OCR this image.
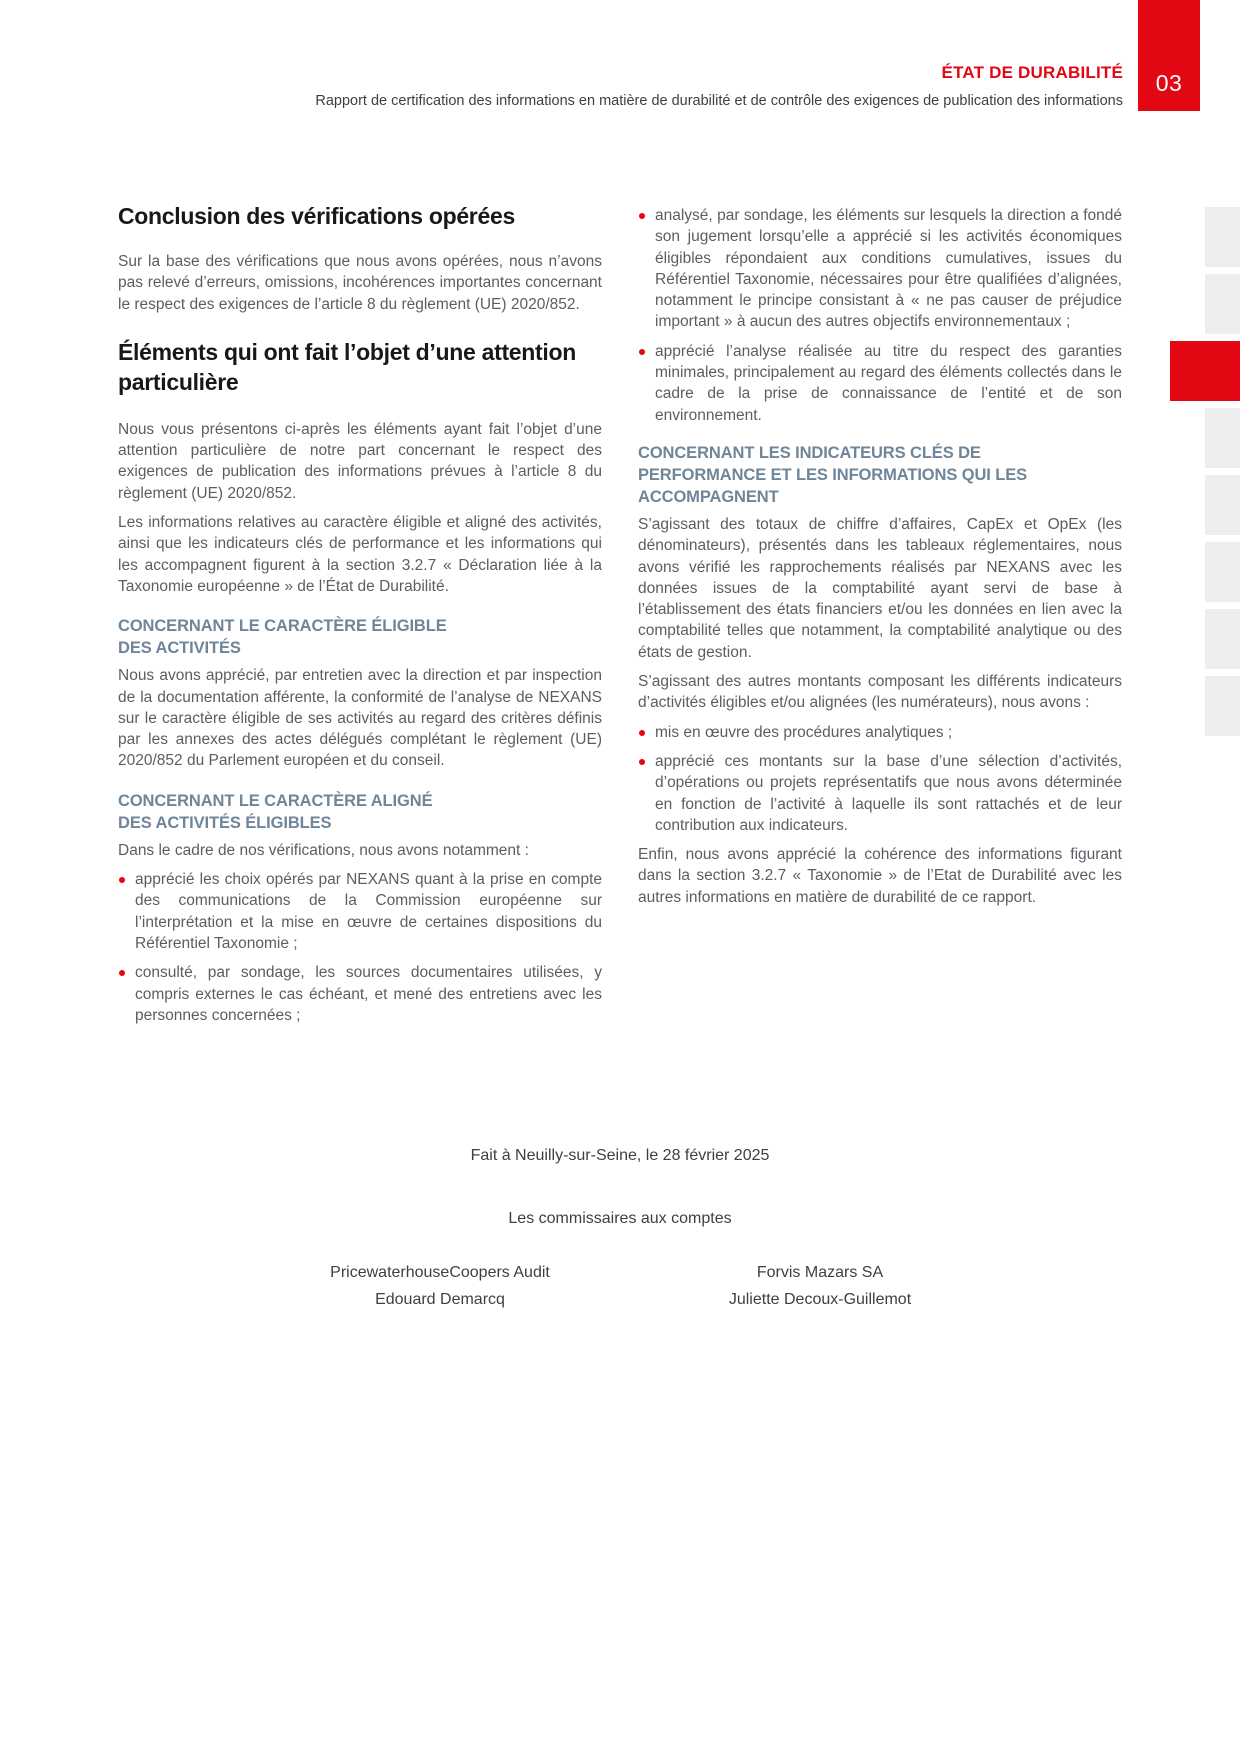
03
ÉTAT DE DURABILITÉ
Rapport de certification des informations en matière de durabilité et de contrôle des exigences de publication des informations
Conclusion des vérifications opérées

Sur la base des vérifications que nous avons opérées, nous n’avons pas relevé d’erreurs, omissions, incohérences importantes concernant le respect des exigences de l’article 8 du règlement (UE) 2020/852.

Éléments qui ont fait l’objet d’une attention particulière

Nous vous présentons ci-après les éléments ayant fait l’objet d’une attention particulière de notre part concernant le respect des exigences de publication des informations prévues à l’article 8 du règlement (UE) 2020/852.

Les informations relatives au caractère éligible et aligné des activités, ainsi que les indicateurs clés de performance et les informations qui les accompagnent figurent à la section 3.2.7 « Déclaration liée à la Taxonomie européenne » de l’État de Durabilité.

CONCERNANT LE CARACTÈRE ÉLIGIBLE
DES ACTIVITÉS

Nous avons apprécié, par entretien avec la direction et par inspection de la documentation afférente, la conformité de l’analyse de NEXANS sur le caractère éligible de ses activités au regard des critères définis par les annexes des actes délégués complétant le règlement (UE) 2020/852 du Parlement européen et du conseil.

CONCERNANT LE CARACTÈRE ALIGNÉ
DES ACTIVITÉS ÉLIGIBLES

Dans le cadre de nos vérifications, nous avons notamment :

apprécié les choix opérés par NEXANS quant à la prise en compte des communications de la Commission européenne sur l’interprétation et la mise en œuvre de certaines dispositions du Référentiel Taxonomie ;
consulté, par sondage, les sources documentaires utilisées, y compris externes le cas échéant, et mené des entretiens avec les personnes concernées ;
analysé, par sondage, les éléments sur lesquels la direction a fondé son jugement lorsqu’elle a apprécié si les activités économiques éligibles répondaient aux conditions cumulatives, issues du Référentiel Taxonomie, nécessaires pour être qualifiées d’alignées, notamment le principe consistant à « ne pas causer de préjudice important » à aucun des autres objectifs environnementaux ;
apprécié l’analyse réalisée au titre du respect des garanties minimales, principalement au regard des éléments collectés dans le cadre de la prise de connaissance de l’entité et de son environnement.
CONCERNANT LES INDICATEURS CLÉS DE
PERFORMANCE ET LES INFORMATIONS QUI LES
ACCOMPAGNENT

S’agissant des totaux de chiffre d’affaires, CapEx et OpEx (les dénominateurs), présentés dans les tableaux réglementaires, nous avons vérifié les rapprochements réalisés par NEXANS avec les données issues de la comptabilité ayant servi de base à l’établissement des états financiers et/ou les données en lien avec la comptabilité telles que notamment, la comptabilité analytique ou des états de gestion.

S’agissant des autres montants composant les différents indicateurs d’activités éligibles et/ou alignées (les numérateurs), nous avons :

mis en œuvre des procédures analytiques ;
apprécié ces montants sur la base d’une sélection d’activités, d’opérations ou projets représentatifs que nous avons déterminée en fonction de l’activité à laquelle ils sont rattachés et de leur contribution aux indicateurs.

Enfin, nous avons apprécié la cohérence des informations figurant dans la section 3.2.7 « Taxonomie » de l’Etat de Durabilité avec les autres informations en matière de durabilité de ce rapport.

Fait à Neuilly-sur-Seine, le 28 février 2025
Les commissaires aux comptes
PricewaterhouseCoopers Audit
Edouard Demarcq
Forvis Mazars SA
Juliette Decoux-Guillemot
